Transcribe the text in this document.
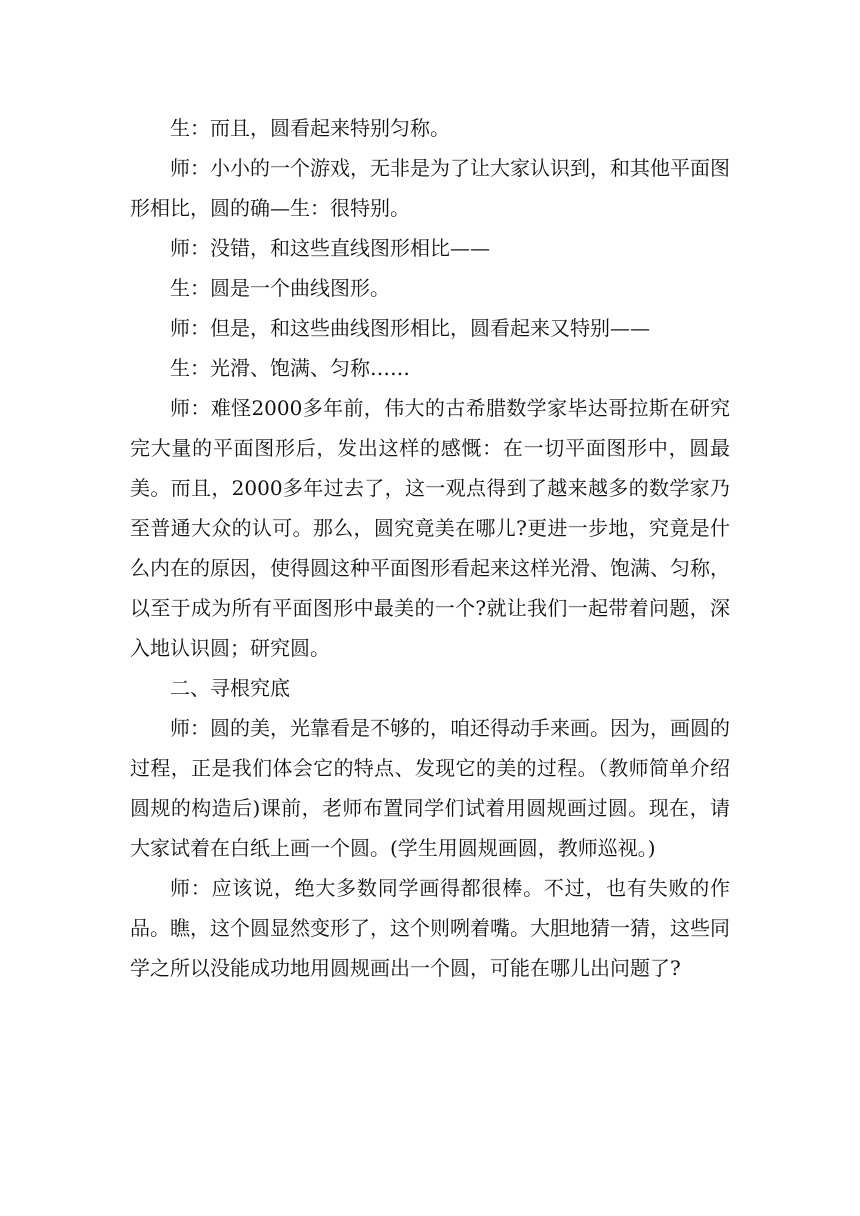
生：而且，圆看起来特别匀称。

师：小小的一个游戏，无非是为了让大家认识到，和其他平面图形相比，圆的确—生：很特别。

师：没错，和这些直线图形相比——

生：圆是一个曲线图形。

师：但是，和这些曲线图形相比，圆看起来又特别——

生：光滑、饱满、匀称……

师：难怪2000多年前，伟大的古希腊数学家毕达哥拉斯在研究完大量的平面图形后，发出这样的感慨：在一切平面图形中，圆最美。而且，2000多年过去了，这一观点得到了越来越多的数学家乃至普通大众的认可。那么，圆究竟美在哪儿?更进一步地，究竟是什么内在的原因，使得圆这种平面图形看起来这样光滑、饱满、匀称，以至于成为所有平面图形中最美的一个?就让我们一起带着问题，深入地认识圆；研究圆。

二、寻根究底

师：圆的美，光靠看是不够的，咱还得动手来画。因为，画圆的过程，正是我们体会它的特点、发现它的美的过程。（教师简单介绍圆规的构造后)课前，老师布置同学们试着用圆规画过圆。现在，请大家试着在白纸上画一个圆。(学生用圆规画圆，教师巡视。)

师：应该说，绝大多数同学画得都很棒。不过，也有失败的作品。瞧，这个圆显然变形了，这个则咧着嘴。大胆地猜一猜，这些同学之所以没能成功地用圆规画出一个圆，可能在哪儿出问题了?
